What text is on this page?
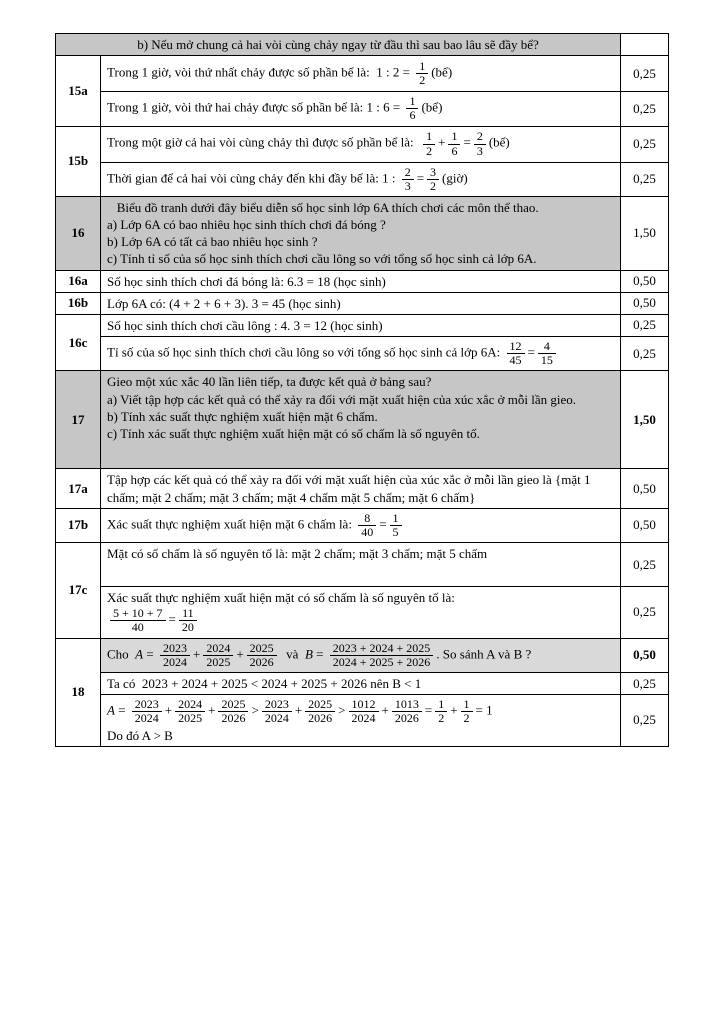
b) Nếu mở chung cả hai vòi cùng chảy ngay từ đầu thì sau bao lâu sẽ đầy bể?		

15a	Trong 1 giờ, vòi thứ nhất chảy được số phần bể là:  1 : $2 = \frac{1}{2}$ (bể)	0,25

	Trong 1 giờ, vòi thứ hai chảy được số phần bể là: 1 : $6 = \frac{1}{6}$ (bể)	0,25
15b	
Trong một giờ cả hai vòi cùng chảy thì được số phần bể là: $\frac{1}{2} + \frac{1}{6} = \frac{2}{3}$ (bể)	0,25

Thời gian để cả hai vòi cùng chảy đến khi đầy bể là: 1 : $\frac{2}{3} = \frac{3}{2}$ (giờ)	0,25
16	Biểu đồ tranh dưới đây biểu diễn số học sinh lớp 6A thích chơi các môn thể thao.
a) Lớp 6A có bao nhiêu học sinh thích chơi đá bóng ?
b) Lớp 6A có tất cả bao nhiêu học sinh ?
c) Tính tỉ số của số học sinh thích chơi cầu lông so với tổng số học sinh cả lớp 6A.	1,50
16a	Số học sinh thích chơi đá bóng là: 6.3 = 18 (học sinh)	0,50
16b	Lớp 6A có: (4 + 2 + 6 + 3). 3 = 45 (học sinh)	0,50
16c	Số học sinh thích chơi cầu lông : 4. 3 = 12 (học sinh)	0,25

Tỉ số của số học sinh thích chơi cầu lông so với tổng số học sinh cả lớp 6A: $\frac{12}{45} = \frac{4}{15}$	0,25
17	Gieo một xúc xắc 40 lần liên tiếp, ta được kết quả ở bảng sau?
a) Viết tập hợp các kết quả có thể xảy ra đối với mặt xuất hiện của xúc xắc ở mỗi lần gieo.
b) Tính xác suất thực nghiệm xuất hiện mặt 6 chấm.
c) Tính xác suất thực nghiệm xuất hiện mặt có số chấm là số nguyên tố.	1,50
17a	Tập hợp các kết quả có thể xảy ra đối với mặt xuất hiện của xúc xắc ở mỗi lần gieo là {mặt 1 chấm; mặt 2 chấm; mặt 3 chấm; mặt 4 chấm mặt 5 chấm; mặt 6 chấm}	0,50
17b	Xác suất thực nghiệm xuất hiện mặt 6 chấm là: $\frac{8}{40} = \frac{1}{5}$	0,50
17c	Mặt có số chấm là số nguyên tố là: mặt 2 chấm; mặt 3 chấm; mặt 5 chấm	0,25

Xác suất thực nghiệm xuất hiện mặt có số chấm là số nguyên tố là:
$\frac{5 + 10 + 7}{40} = \frac{11}{20}$	0,25
18	
Cho  $A = \frac{2023}{2024} + \frac{2024}{2025} + \frac{2025}{2026}$ và  $B = \frac{2023 + 2024 + 2025}{2024 + 2025 + 2026}$ . So sánh A và B ?	0,50

	Ta có  2023 + 2024 + 2025 < 2024 + 2025 + 2026 nên B < 1	0,25

$A = \frac{2023}{2024} + \frac{2024}{2025} + \frac{2025}{2026} > \frac{2023}{2024} + \frac{2025}{2026} > \frac{1012}{2024} + \frac{1013}{2026} = \frac{1}{2} + \frac{1}{2} = 1$
Do đó A > B
	0,25
